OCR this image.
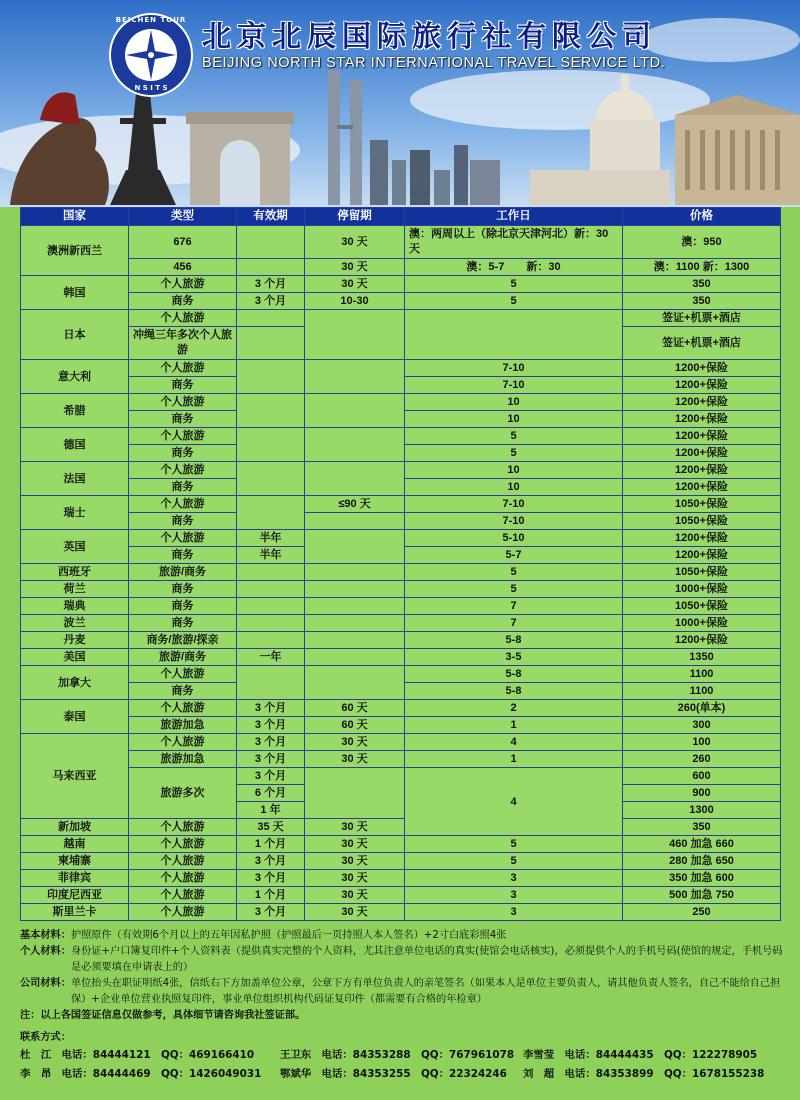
BEICHEN TOUR
N S I T S
北京北辰国际旅行社有限公司
BEIJING NORTH STAR INTERNATIONAL TRAVEL SERVICE LTD.
国家	类型	有效期	停留期	工作日	价格
澳洲新西兰	676		30 天	澳：两周以上（除北京天津河北）新：30 天	澳：950
	456		30 天	澳：5-7　　新：30	澳：1100 新：1300
韩国	个人旅游	3 个月	30 天	5	350
	商务	3 个月	10-30	5	350
日本	个人旅游				签证+机票+酒店
	冲绳三年多次个人旅游				签证+机票+酒店
意大利	个人旅游			7-10	1200+保险
	商务			7-10	1200+保险
希腊	个人旅游			10	1200+保险
	商务			10	1200+保险
德国	个人旅游			5	1200+保险
	商务			5	1200+保险
法国	个人旅游			10	1200+保险
	商务			10	1200+保险
瑞士	个人旅游		≤90 天	7-10	1050+保险
	商务			7-10	1050+保险
英国	个人旅游	半年		5-10	1200+保险
	商务	半年		5-7	1200+保险
西班牙	旅游/商务			5	1050+保险
荷兰	商务			5	1000+保险
瑞典	商务			7	1050+保险
波兰	商务			7	1000+保险
丹麦	商务/旅游/探亲			5-8	1200+保险
美国	旅游/商务	一年		3-5	1350
加拿大	个人旅游			5-8	1100
	商务			5-8	1100
泰国	个人旅游	3 个月	60 天	2	260(单本)
	旅游加急	3 个月	60 天	1	300
马来西亚	个人旅游	3 个月	30 天	4	100
	旅游加急	3 个月	30 天	1	260
	旅游多次	3 个月		4	600
		6 个月			900
		1 年			1300
新加坡	个人旅游	35 天	30 天		350
越南	个人旅游	1 个月	30 天	5	460 加急 660
柬埔寨	个人旅游	3 个月	30 天	5	280 加急 650
菲律宾	个人旅游	3 个月	30 天	3	350 加急 600
印度尼西亚	个人旅游	1 个月	30 天	3	500 加急 750
斯里兰卡	个人旅游	3 个月	30 天	3	250
基本材料： 护照原件（有效期6个月以上的五年因私护照（护照最后一页持照人本人签名）+2寸白底彩照4张
个人材料： 身份证+户口簿复印件+个人资料表（提供真实完整的个人资料，尤其注意单位电话的真实(使馆会电话核实)，必须提供个人的手机号码(使馆的规定，手机号码是必须要填在申请表上的）
公司材料： 单位抬头在职证明纸4张，信纸右下方加盖单位公章，公章下方有单位负责人的亲笔签名（如果本人是单位主要负责人，请其他负责人签名，自己不能给自己担保）+企业单位营业执照复印件，事业单位组织机构代码证复印件（都需要有合格的年检章）
注：以上各国签证信息仅做参考，具体细节请咨询我社签证部。
联系方式：
杜　江　电话：84444121　QQ：469166410	王卫东　电话：84353288　QQ：767961078 李雪莹　电话：84444435　QQ：122278905
李　昂　电话：84444469　QQ：1426049031	鄂斌华　电话：84353255　QQ：22324246	刘　超　电话：84353899　QQ：1678155238
